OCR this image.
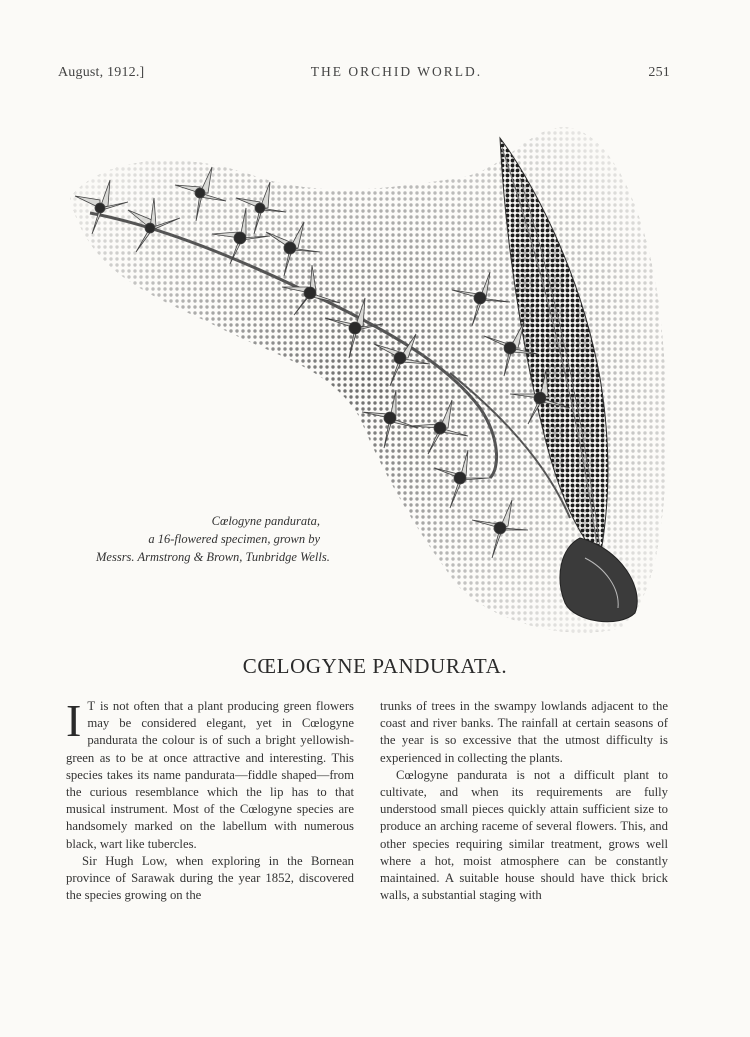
August, 1912.]	THE ORCHID WORLD.	251
Cœlogyne pandurata,
a 16-flowered specimen, grown by
Messrs. Armstrong & Brown, Tunbridge Wells.
CŒLOGYNE PANDURATA.

I T is not often that a plant producing green flowers may be considered elegant, yet in Cœlogyne pandurata the colour is of such a bright yellowish-green as to be at once attractive and interesting. This species takes its name pandurata—fiddle shaped—from the curious resemblance which the lip has to that musical instrument. Most of the Cœlogyne species are handsomely marked on the labellum with numerous black, wart like tubercles.

Sir Hugh Low, when exploring in the Bornean province of Sarawak during the year 1852, discovered the species growing on the

trunks of trees in the swampy lowlands adjacent to the coast and river banks. The rainfall at certain seasons of the year is so excessive that the utmost difficulty is experienced in collecting the plants.

Cœlogyne pandurata is not a difficult plant to cultivate, and when its requirements are fully understood small pieces quickly attain sufficient size to produce an arching raceme of several flowers. This, and other species requiring similar treatment, grows well where a hot, moist atmosphere can be constantly maintained. A suitable house should have thick brick walls, a substantial staging with
